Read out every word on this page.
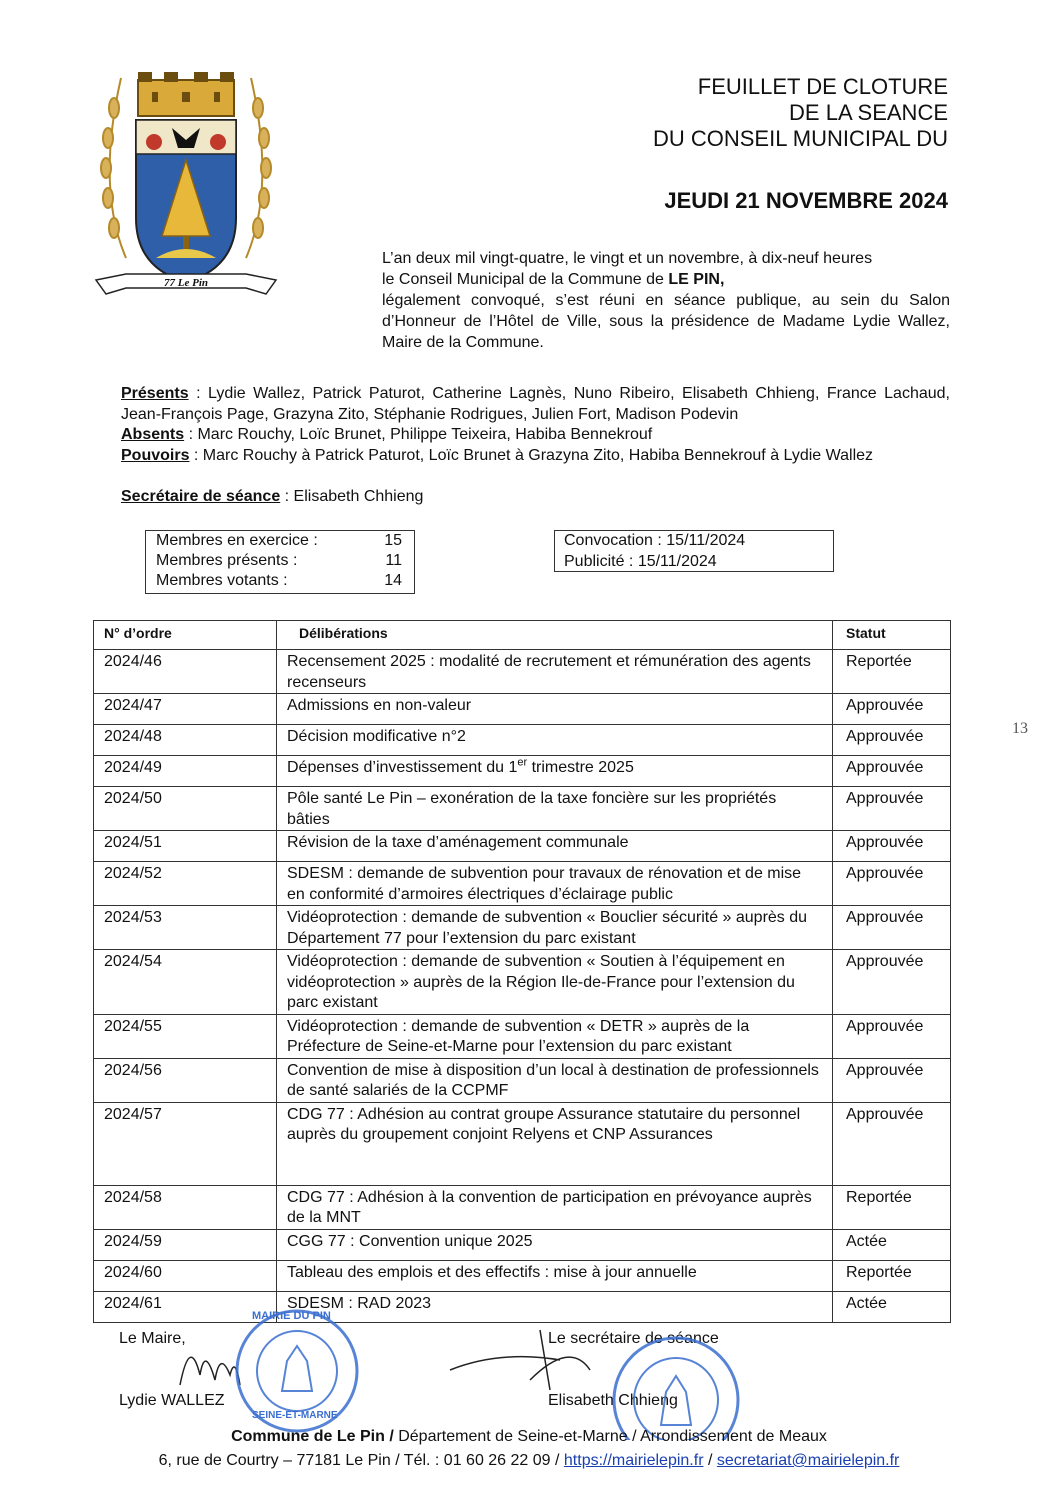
77 Le Pin
FEUILLET DE CLOTURE
DE LA SEANCE
DU CONSEIL MUNICIPAL DU
JEUDI 21 NOVEMBRE 2024
L’an deux mil vingt-quatre, le vingt et un novembre, à dix-neuf heures
le Conseil Municipal de la Commune de LE PIN,
légalement convoqué, s’est réuni en séance publique, au sein du Salon d’Honneur de l’Hôtel de Ville, sous la présidence de Madame Lydie Wallez, Maire de la Commune.
Présents : Lydie Wallez, Patrick Paturot, Catherine Lagnès, Nuno Ribeiro, Elisabeth Chhieng, France Lachaud, Jean-François Page, Grazyna Zito, Stéphanie Rodrigues, Julien Fort, Madison Podevin
Absents : Marc Rouchy, Loïc Brunet, Philippe Teixeira, Habiba Bennekrouf
Pouvoirs : Marc Rouchy à Patrick Paturot, Loïc Brunet à Grazyna Zito, Habiba Bennekrouf à Lydie Wallez
Secrétaire de séance : Elisabeth Chhieng
Membres en exercice :	15
Membres présents :	11
Membres votants :	14
Convocation : 15/11/2024
Publicité : 15/11/2024
N° d’ordre	Délibérations	Statut
2024/46	Recensement 2025 : modalité de recrutement et rémunération des agents recenseurs	Reportée
2024/47	Admissions en non-valeur	Approuvée
2024/48	Décision modificative n°2	Approuvée
2024/49	Dépenses d’investissement du 1er trimestre 2025	Approuvée
2024/50	Pôle santé Le Pin – exonération de la taxe foncière sur les propriétés bâties	Approuvée
2024/51	Révision de la taxe d’aménagement communale	Approuvée
2024/52	SDESM : demande de subvention pour travaux de rénovation et de mise en conformité d’armoires électriques d’éclairage public	Approuvée
2024/53	Vidéoprotection : demande de subvention « Bouclier sécurité » auprès du Département 77 pour l’extension du parc existant	Approuvée
2024/54	Vidéoprotection : demande de subvention « Soutien à l’équipement en vidéoprotection » auprès de la Région Ile-de-France pour l’extension du parc existant	Approuvée
2024/55	Vidéoprotection : demande de subvention « DETR » auprès de la Préfecture de Seine-et-Marne pour l’extension du parc existant	Approuvée
2024/56	Convention de mise à disposition d’un local à destination de professionnels de santé salariés de la CCPMF	Approuvée
2024/57	CDG 77 : Adhésion au contrat groupe Assurance statutaire du personnel auprès du groupement conjoint Relyens et CNP Assurances	Approuvée
2024/58	CDG 77 : Adhésion à la convention de participation en prévoyance auprès de la MNT	Reportée
2024/59	CGG 77 : Convention unique 2025	Actée
2024/60	Tableau des emplois et des effectifs : mise à jour annuelle	Reportée
2024/61	SDESM : RAD 2023	Actée
13
Le Maire,
Lydie WALLEZ
Le secrétaire de séance
Elisabeth Chhieng
MAIRIE DU PIN
SEINE-ET-MARNE
Commune de Le Pin / Département de Seine-et-Marne / Arrondissement de Meaux
6, rue de Courtry – 77181 Le Pin / Tél. : 01 60 26 22 09 / https://mairielepin.fr / secretariat@mairielepin.fr
